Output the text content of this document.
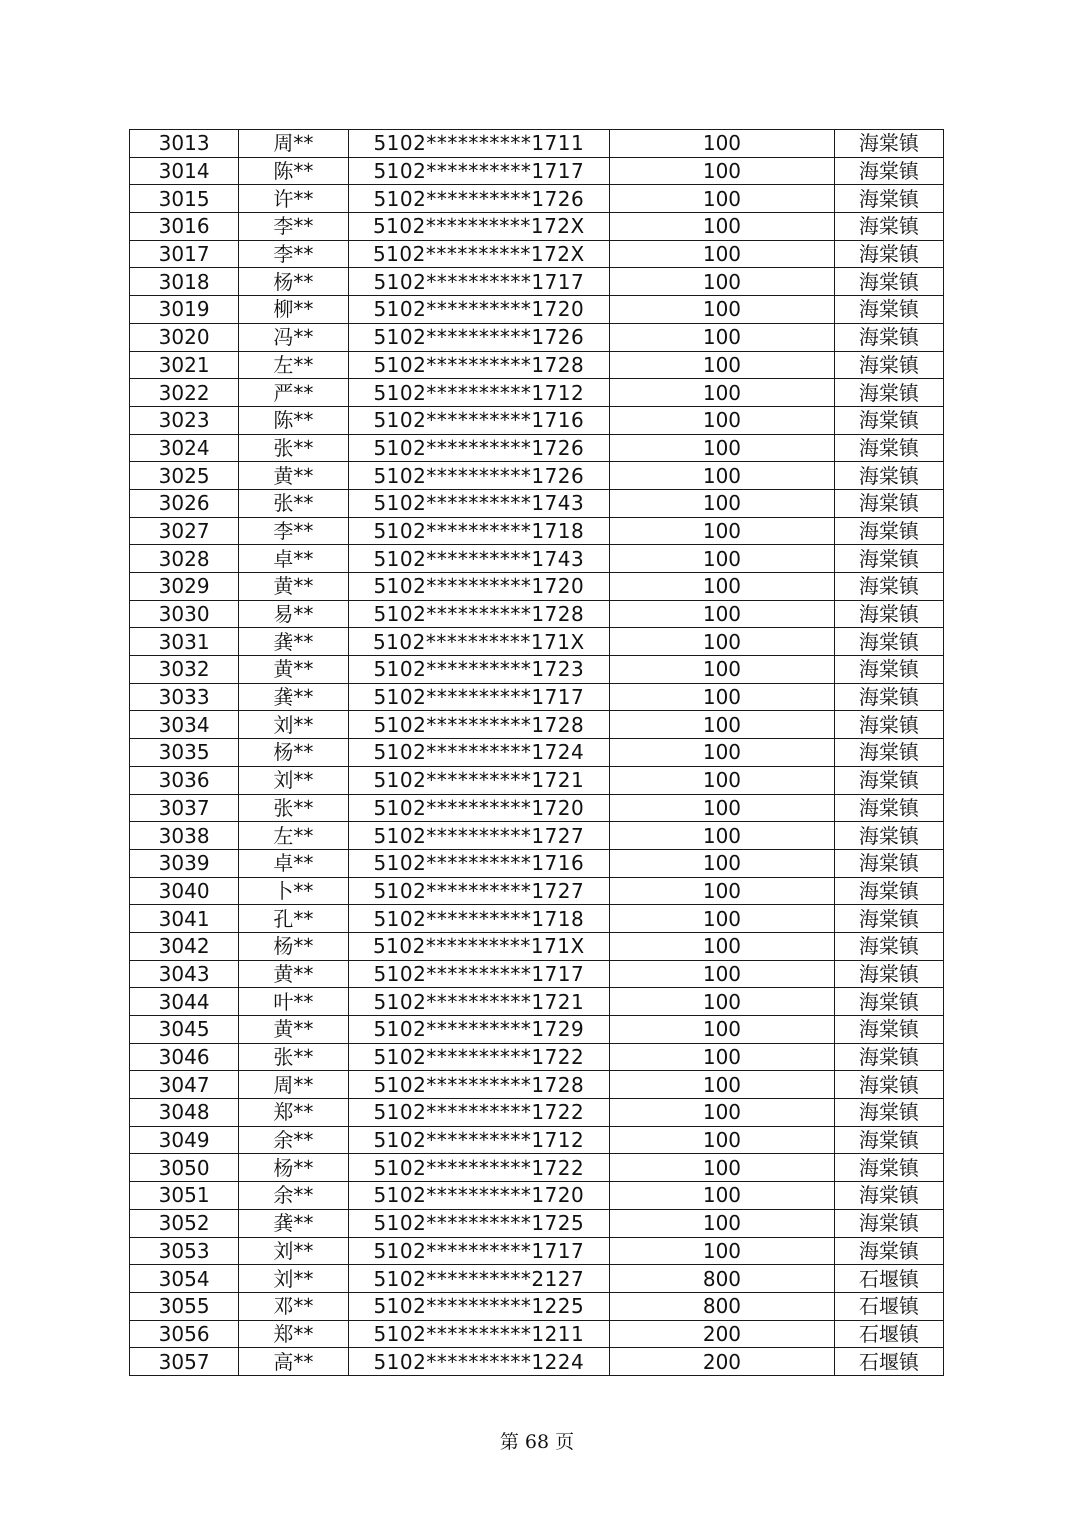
3013	周**	5102**********1711	100	海棠镇
3014	陈**	5102**********1717	100	海棠镇
3015	许**	5102**********1726	100	海棠镇
3016	李**	5102**********172X	100	海棠镇
3017	李**	5102**********172X	100	海棠镇
3018	杨**	5102**********1717	100	海棠镇
3019	柳**	5102**********1720	100	海棠镇
3020	冯**	5102**********1726	100	海棠镇
3021	左**	5102**********1728	100	海棠镇
3022	严**	5102**********1712	100	海棠镇
3023	陈**	5102**********1716	100	海棠镇
3024	张**	5102**********1726	100	海棠镇
3025	黄**	5102**********1726	100	海棠镇
3026	张**	5102**********1743	100	海棠镇
3027	李**	5102**********1718	100	海棠镇
3028	卓**	5102**********1743	100	海棠镇
3029	黄**	5102**********1720	100	海棠镇
3030	易**	5102**********1728	100	海棠镇
3031	龚**	5102**********171X	100	海棠镇
3032	黄**	5102**********1723	100	海棠镇
3033	龚**	5102**********1717	100	海棠镇
3034	刘**	5102**********1728	100	海棠镇
3035	杨**	5102**********1724	100	海棠镇
3036	刘**	5102**********1721	100	海棠镇
3037	张**	5102**********1720	100	海棠镇
3038	左**	5102**********1727	100	海棠镇
3039	卓**	5102**********1716	100	海棠镇
3040	卜**	5102**********1727	100	海棠镇
3041	孔**	5102**********1718	100	海棠镇
3042	杨**	5102**********171X	100	海棠镇
3043	黄**	5102**********1717	100	海棠镇
3044	叶**	5102**********1721	100	海棠镇
3045	黄**	5102**********1729	100	海棠镇
3046	张**	5102**********1722	100	海棠镇
3047	周**	5102**********1728	100	海棠镇
3048	郑**	5102**********1722	100	海棠镇
3049	余**	5102**********1712	100	海棠镇
3050	杨**	5102**********1722	100	海棠镇
3051	余**	5102**********1720	100	海棠镇
3052	龚**	5102**********1725	100	海棠镇
3053	刘**	5102**********1717	100	海棠镇
3054	刘**	5102**********2127	800	石堰镇
3055	邓**	5102**********1225	800	石堰镇
3056	郑**	5102**********1211	200	石堰镇
3057	高**	5102**********1224	200	石堰镇
第 68 页
